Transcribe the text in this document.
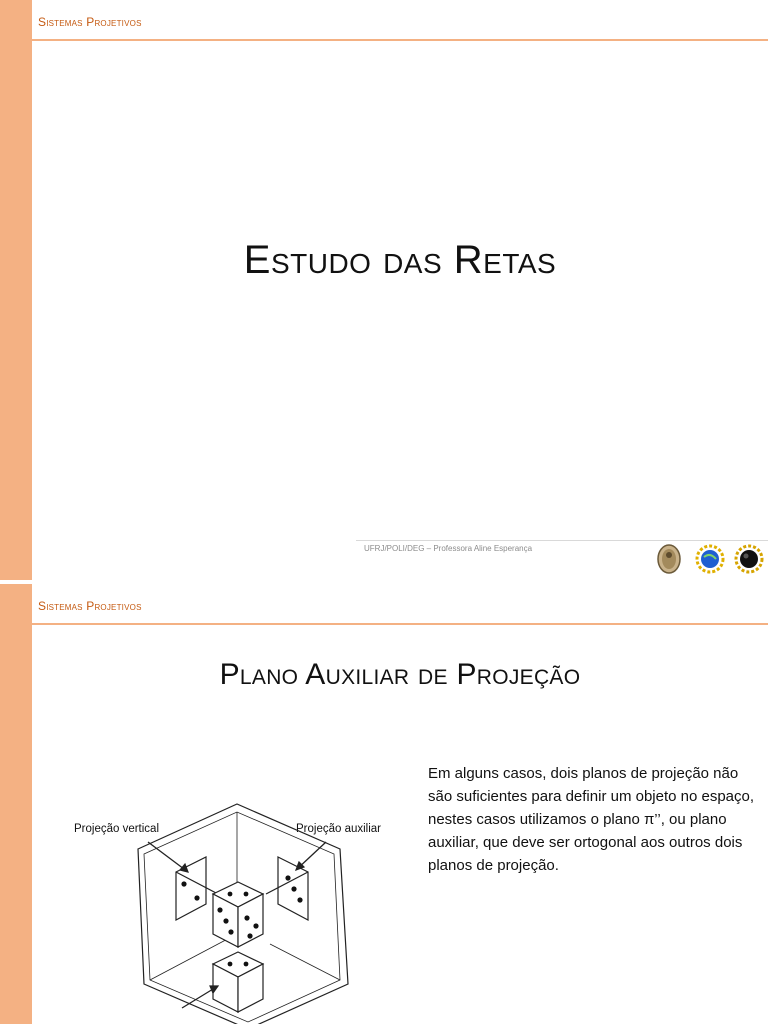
Sistemas Projetivos
Estudo das Retas
UFRJ/POLI/DEG – Professora Aline Esperança
Sistemas Projetivos
Plano Auxiliar de Projeção

Em alguns casos, dois planos de projeção não são suficientes para definir um objeto no espaço, nestes casos utilizamos o plano π’’, ou plano auxiliar, que deve ser ortogonal aos outros dois planos de projeção.

Projeção vertical	Projeção auxiliar
